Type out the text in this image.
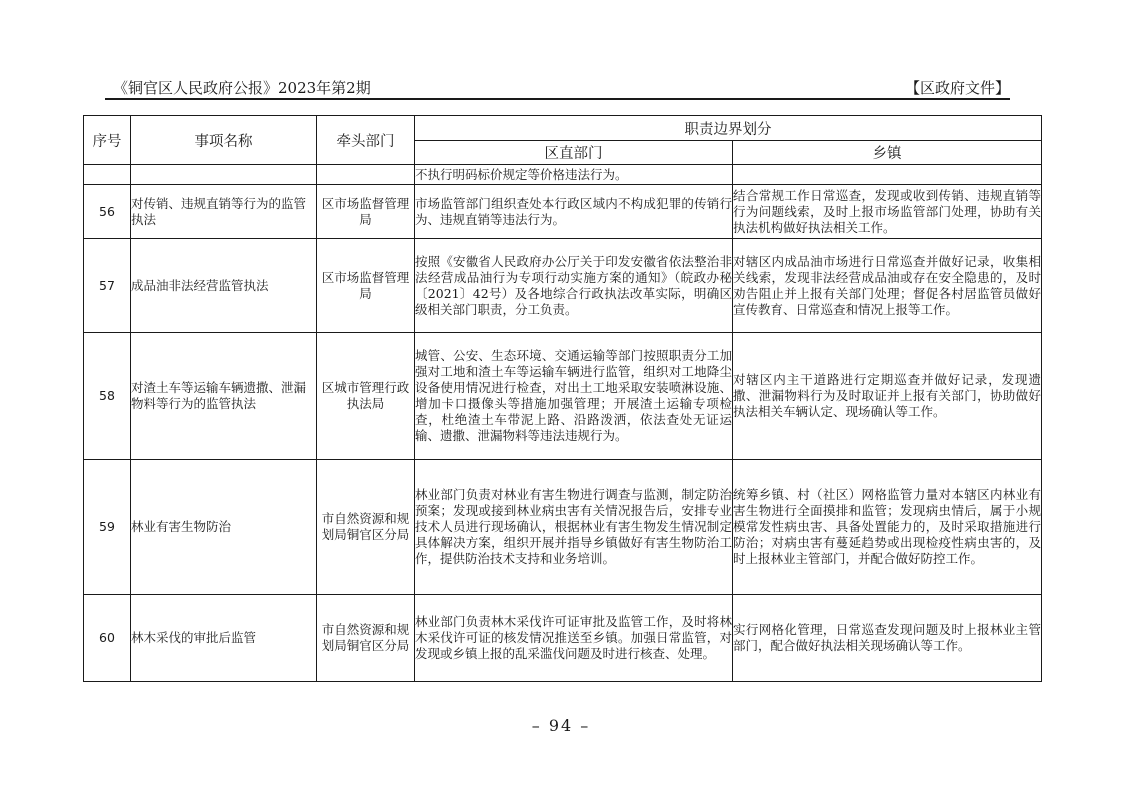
《铜官区人民政府公报》2023年第2期	【区政府文件】
序号	事项名称	牵头部门	职责边界划分	
			区直部门	乡镇
			不执行明码标价规定等价格违法行为。	
56	对传销、违规直销等行为的监管执法	区市场监督管理局	市场监管部门组织查处本行政区域内不构成犯罪的传销行为、违规直销等违法行为。	结合常规工作日常巡查，发现或收到传销、违规直销等行为问题线索，及时上报市场监管部门处理，协助有关执法机构做好执法相关工作。
57	成品油非法经营监管执法	区市场监督管理局	按照《安徽省人民政府办公厅关于印发安徽省依法整治非法经营成品油行为专项行动实施方案的通知》（皖政办秘〔2021〕42号）及各地综合行政执法改革实际，明确区级相关部门职责，分工负责。	对辖区内成品油市场进行日常巡查并做好记录，收集相关线索，发现非法经营成品油或存在安全隐患的，及时劝告阻止并上报有关部门处理；督促各村居监管员做好宣传教育、日常巡查和情况上报等工作。
58	对渣土车等运输车辆遗撒、泄漏物料等行为的监管执法	区城市管理行政执法局	城管、公安、生态环境、交通运输等部门按照职责分工加强对工地和渣土车等运输车辆进行监管，组织对工地降尘设备使用情况进行检查，对出土工地采取安装喷淋设施、增加卡口摄像头等措施加强管理；开展渣土运输专项检查，杜绝渣土车带泥上路、沿路泼洒，依法查处无证运输、遗撒、泄漏物料等违法违规行为。	对辖区内主干道路进行定期巡查并做好记录，发现遗撒、泄漏物料行为及时取证并上报有关部门，协助做好执法相关车辆认定、现场确认等工作。
59	林业有害生物防治	市自然资源和规划局铜官区分局	林业部门负责对林业有害生物进行调查与监测，制定防治预案；发现或接到林业病虫害有关情况报告后，安排专业技术人员进行现场确认，根据林业有害生物发生情况制定具体解决方案，组织开展并指导乡镇做好有害生物防治工作，提供防治技术支持和业务培训。	统筹乡镇、村（社区）网格监管力量对本辖区内林业有害生物进行全面摸排和监管；发现病虫情后，属于小规模常发性病虫害、具备处置能力的，及时采取措施进行防治；对病虫害有蔓延趋势或出现检疫性病虫害的，及时上报林业主管部门，并配合做好防控工作。
60	林木采伐的审批后监管	市自然资源和规划局铜官区分局	林业部门负责林木采伐许可证审批及监管工作，及时将林木采伐许可证的核发情况推送至乡镇。加强日常监管，对发现或乡镇上报的乱采滥伐问题及时进行核查、处理。	实行网格化管理，日常巡查发现问题及时上报林业主管部门，配合做好执法相关现场确认等工作。
– 94 –
